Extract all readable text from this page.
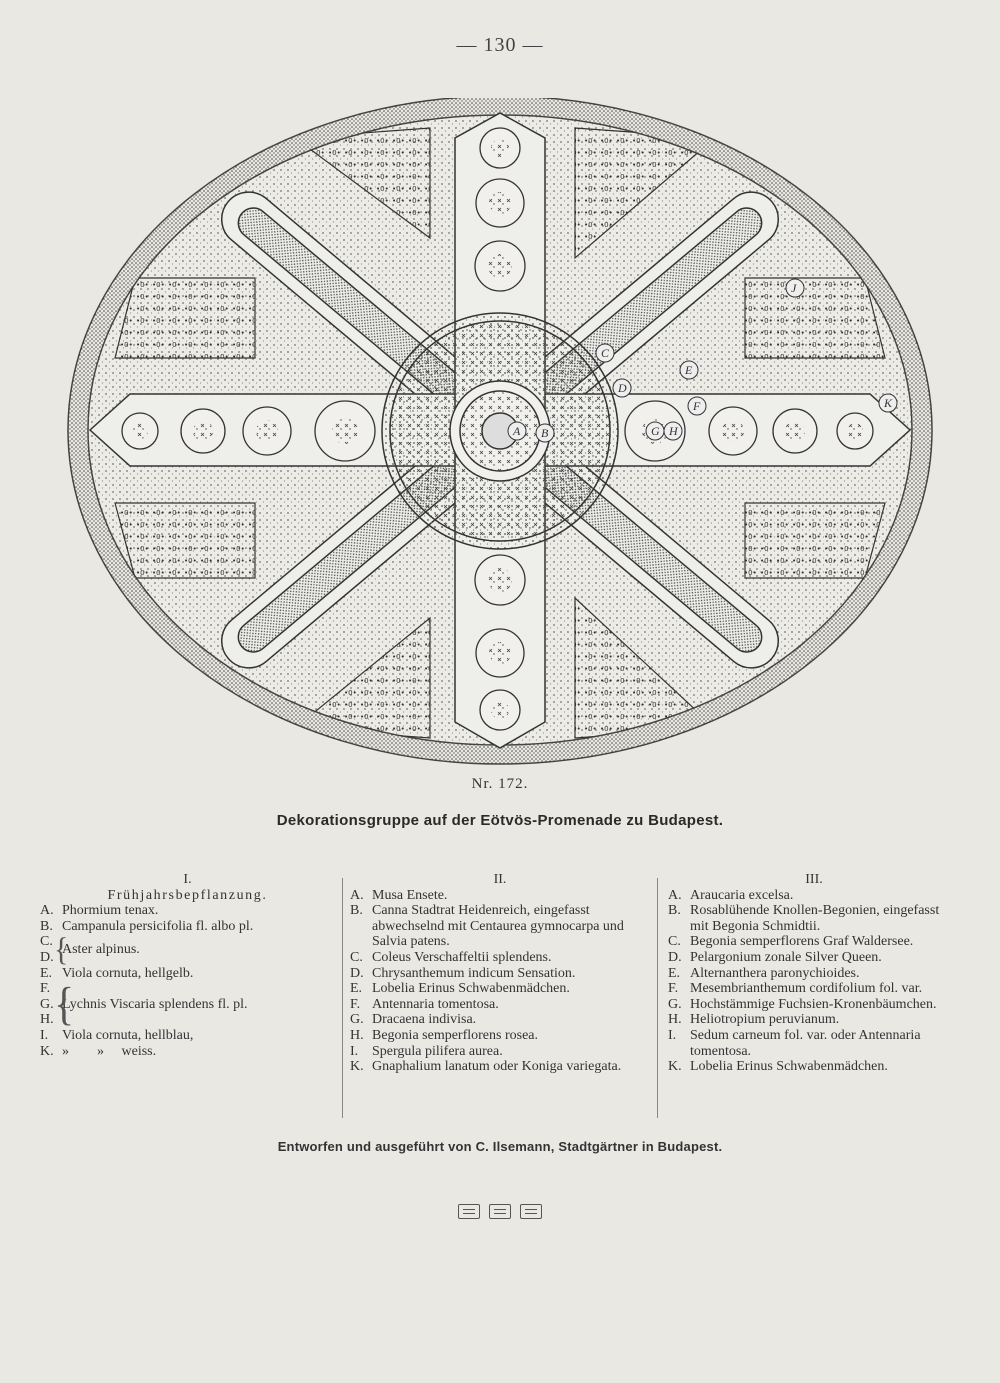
— 130 —
A B
C
D
E
F
G H
J
K
Nr. 172.
Dekorationsgruppe auf der Eötvös-Promenade zu Budapest.
I.
Frühjahrsbepflanzung.
A. Phormium tenax.
B. Campanula persicifolia fl. albo pl.
C.
D. {
Aster alpinus.
E. Viola cornuta, hellgelb.
F.
G.
H. {
Lychnis Viscaria splendens fl. pl.
I. Viola cornuta, hellblau,
K. »        »     weiss.
II.
A. Musa Ensete.
B. Canna Stadtrat Heidenreich, eingefasst abwechselnd mit Centaurea gymnocarpa und Salvia patens.
C. Coleus Verschaffeltii splendens.
D. Chrysanthemum indicum Sensation.
E. Lobelia Erinus Schwabenmädchen.
F. Antennaria tomentosa.
G. Dracaena indivisa.
H. Begonia semperflorens rosea.
I. Spergula pilifera aurea.
K. Gnaphalium lanatum oder Koniga variegata.
III.
A. Araucaria excelsa.
B. Rosablühende Knollen-Begonien, eingefasst mit Begonia Schmidtii.
C. Begonia semperflorens Graf Waldersee.
D. Pelargonium zonale Silver Queen.
E. Alternanthera paronychioides.
F. Mesembrianthemum cordifolium fol. var.
G. Hochstämmige Fuchsien-Kronenbäumchen.
H. Heliotropium peruvianum.
I. Sedum carneum fol. var. oder Antennaria tomentosa.
K. Lobelia Erinus Schwabenmädchen.
Entworfen und ausgeführt von C. Ilsemann, Stadtgärtner in Budapest.
